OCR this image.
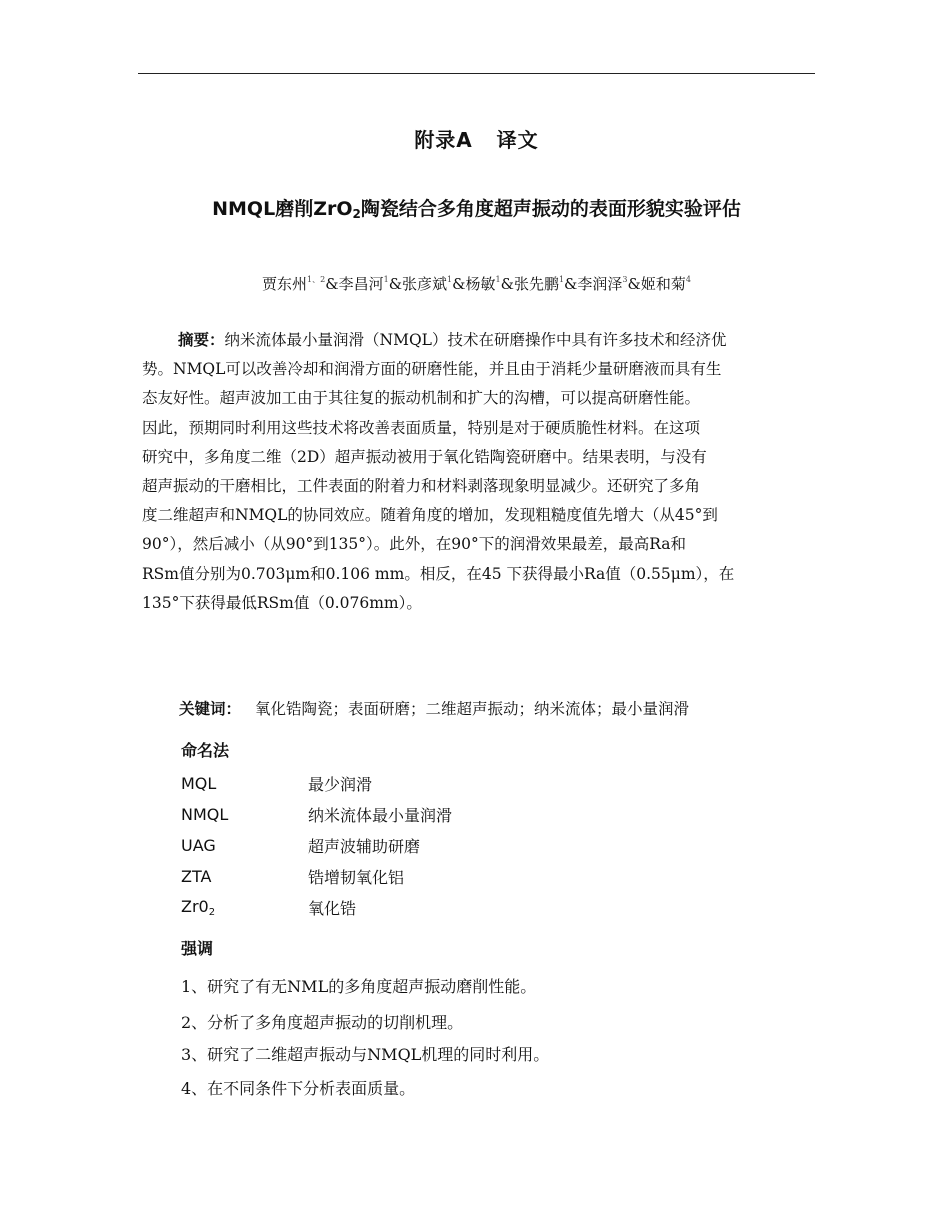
附录A   译文
NMQL磨削ZrO$_2$陶瓷结合多角度超声振动的表面形貌实验评估
贾东州$^{1、2}$&李昌河$^1$&张彦斌$^1$&杨敏$^1$&张先鹏$^1$&李润泽$^3$&姬和菊$^4$
摘要：纳米流体最小量润滑（NMQL）技术在研磨操作中具有许多技术和经济优
势。NMQL可以改善冷却和润滑方面的研磨性能，并且由于消耗少量研磨液而具有生
态友好性。超声波加工由于其往复的振动机制和扩大的沟槽，可以提高研磨性能。
因此，预期同时利用这些技术将改善表面质量，特别是对于硬质脆性材料。在这项
研究中，多角度二维（2D）超声振动被用于氧化锆陶瓷研磨中。结果表明，与没有
超声振动的干磨相比，工件表面的附着力和材料剥落现象明显减少。还研究了多角
度二维超声和NMQL的协同效应。随着角度的增加，发现粗糙度值先增大（从45°到
90°），然后减小（从90°到135°）。此外，在90°下的润滑效果最差，最高Ra和
RSm值分别为0.703μm和0.106 mm。相反，在45 下获得最小Ra值（0.55μm），在
135°下获得最低RSm值（0.076mm）。
关键词： 氧化锆陶瓷；表面研磨；二维超声振动；纳米流体；最小量润滑
命名法
MQL	最少润滑
NMQL	纳米流体最小量润滑
UAG	超声波辅助研磨
ZTA	锆增韧氧化铝
$Zr0_2$	氧化锆
强调
1、研究了有无NML的多角度超声振动磨削性能。
2、分析了多角度超声振动的切削机理。
3、研究了二维超声振动与NMQL机理的同时利用。
4、在不同条件下分析表面质量。
